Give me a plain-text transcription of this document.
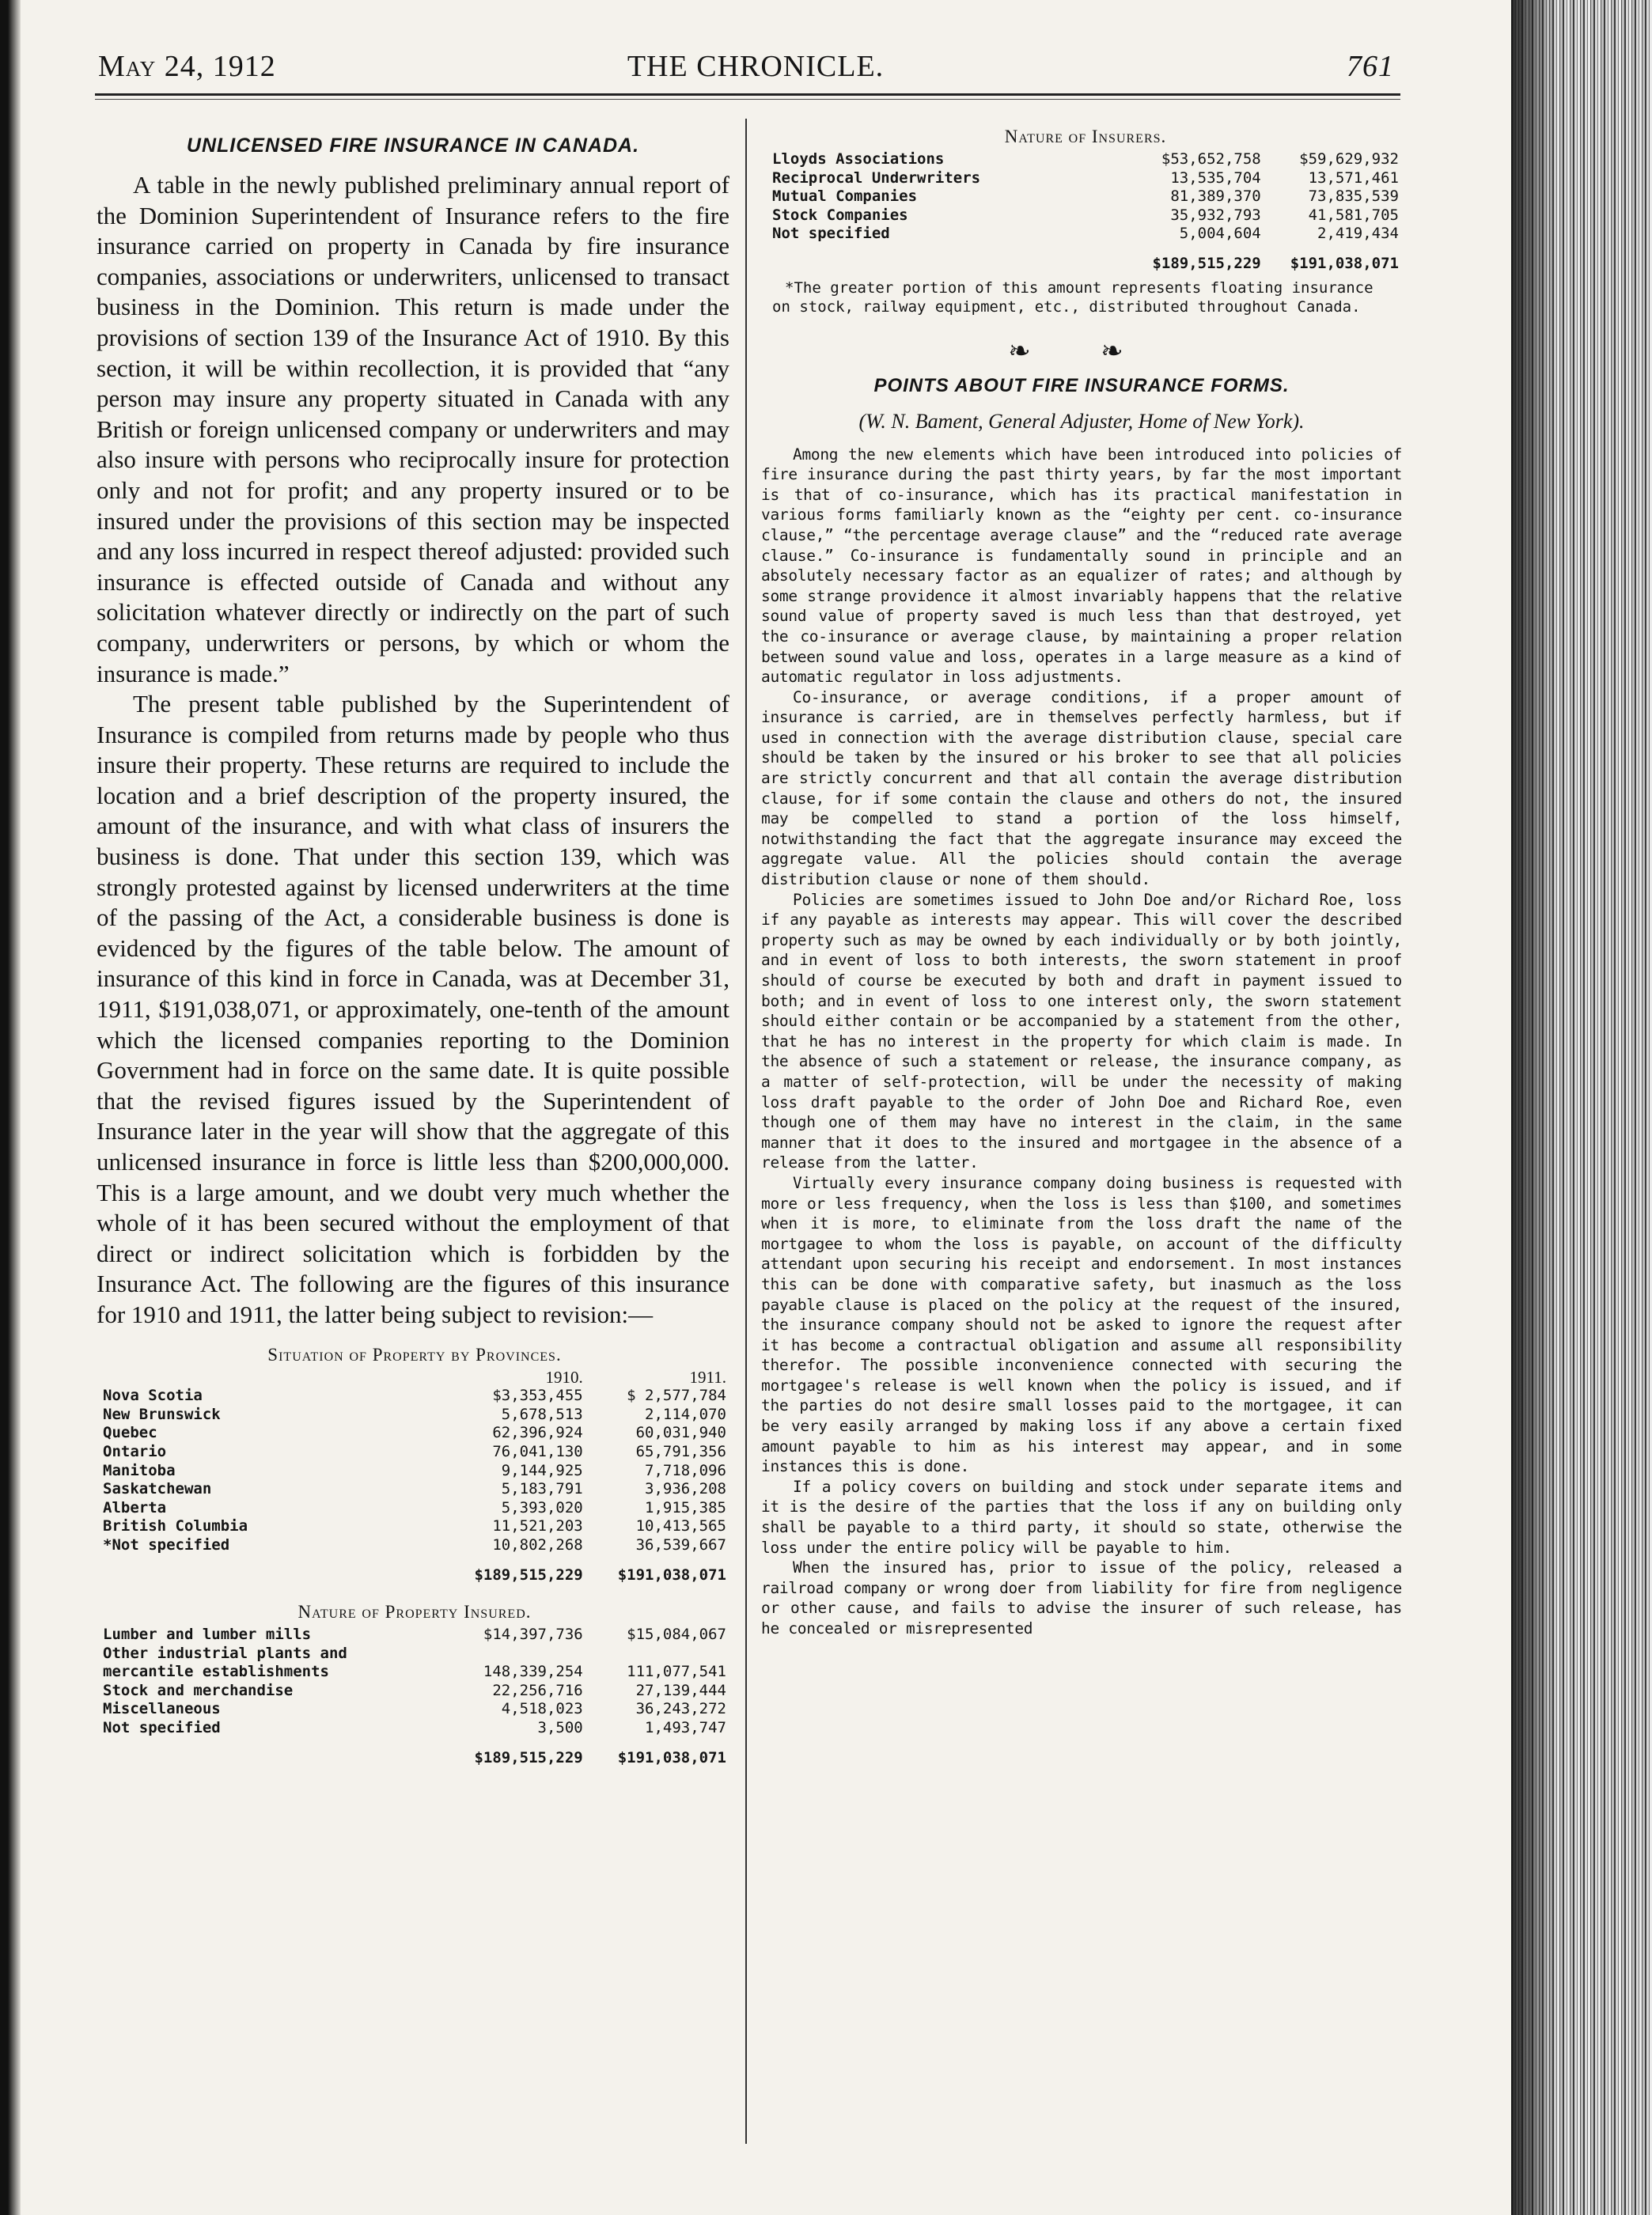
THE CHRONICLE.
May 24, 1912	761
UNLICENSED FIRE INSURANCE IN CANADA.

A table in the newly published preliminary annual report of the Dominion Superintendent of Insurance refers to the fire insurance carried on property in Canada by fire insurance companies, associations or underwriters, unlicensed to transact business in the Dominion. This return is made under the provisions of section 139 of the Insurance Act of 1910. By this section, it will be within recollection, it is provided that “any person may insure any property situated in Canada with any British or foreign unlicensed company or underwriters and may also insure with persons who reciprocally insure for protection only and not for profit; and any property insured or to be insured under the provisions of this section may be inspected and any loss incurred in respect thereof adjusted: provided such insurance is effected outside of Canada and without any solicitation whatever directly or indirectly on the part of such company, underwriters or persons, by which or whom the insurance is made.”

The present table published by the Superintendent of Insurance is compiled from returns made by people who thus insure their property. These returns are required to include the location and a brief description of the property insured, the amount of the insurance, and with what class of insurers the business is done. That under this section 139, which was strongly protested against by licensed underwriters at the time of the passing of the Act, a considerable business is done is evidenced by the figures of the table below. The amount of insurance of this kind in force in Canada, was at December 31, 1911, $191,038,071, or approximately, one-tenth of the amount which the licensed companies reporting to the Dominion Government had in force on the same date. It is quite possible that the revised figures issued by the Superintendent of Insurance later in the year will show that the aggregate of this unlicensed insurance in force is little less than $200,000,000. This is a large amount, and we doubt very much whether the whole of it has been secured without the employment of that direct or indirect solicitation which is forbidden by the Insurance Act. The following are the figures of this insurance for 1910 and 1911, the latter being subject to revision:—

Situation of Property by Provinces.
	1910.	1911.
Nova Scotia	$3,353,455	$ 2,577,784
New Brunswick	5,678,513	2,114,070
Quebec	62,396,924	60,031,940
Ontario	76,041,130	65,791,356
Manitoba	9,144,925	7,718,096
Saskatchewan	5,183,791	3,936,208
Alberta	5,393,020	1,915,385
British Columbia	11,521,203	10,413,565
*Not specified	10,802,268	36,539,667
	$189,515,229	$191,038,071
Nature of Property Insured.
Lumber and lumber mills	$14,397,736	$15,084,067
Other industrial plants and mercantile establishments	148,339,254	111,077,541
Stock and merchandise	22,256,716	27,139,444
Miscellaneous	4,518,023	36,243,272
Not specified	3,500	1,493,747
	$189,515,229	$191,038,071
Nature of Insurers.
Lloyds Associations	$53,652,758	$59,629,932
Reciprocal Underwriters	13,535,704	13,571,461
Mutual Companies	81,389,370	73,835,539
Stock Companies	35,932,793	41,581,705
Not specified	5,004,604	2,419,434
	$189,515,229	$191,038,071

*The greater portion of this amount represents floating insurance on stock, railway equipment, etc., distributed throughout Canada.

❧ ❧
POINTS ABOUT FIRE INSURANCE FORMS.
(W. N. Bament, General Adjuster, Home of New York).

Among the new elements which have been introduced into policies of fire insurance during the past thirty years, by far the most important is that of co-insurance, which has its practical manifestation in various forms familiarly known as the “eighty per cent. co-insurance clause,” “the percentage average clause” and the “reduced rate average clause.” Co-insurance is fundamentally sound in principle and an absolutely necessary factor as an equalizer of rates; and although by some strange providence it almost invariably happens that the relative sound value of property saved is much less than that destroyed, yet the co-insurance or average clause, by maintaining a proper relation between sound value and loss, operates in a large measure as a kind of automatic regulator in loss adjustments.

Co-insurance, or average conditions, if a proper amount of insurance is carried, are in themselves perfectly harmless, but if used in connection with the average distribution clause, special care should be taken by the insured or his broker to see that all policies are strictly concurrent and that all contain the average distribution clause, for if some contain the clause and others do not, the insured may be compelled to stand a portion of the loss himself, notwithstanding the fact that the aggregate insurance may exceed the aggregate value. All the policies should contain the average distribution clause or none of them should.

Policies are sometimes issued to John Doe and/or Richard Roe, loss if any payable as interests may appear. This will cover the described property such as may be owned by each individually or by both jointly, and in event of loss to both interests, the sworn statement in proof should of course be executed by both and draft in payment issued to both; and in event of loss to one interest only, the sworn statement should either contain or be accompanied by a statement from the other, that he has no interest in the property for which claim is made. In the absence of such a statement or release, the insurance company, as a matter of self-protection, will be under the necessity of making loss draft payable to the order of John Doe and Richard Roe, even though one of them may have no interest in the claim, in the same manner that it does to the insured and mortgagee in the absence of a release from the latter.

Virtually every insurance company doing business is requested with more or less frequency, when the loss is less than $100, and sometimes when it is more, to eliminate from the loss draft the name of the mortgagee to whom the loss is payable, on account of the difficulty attendant upon securing his receipt and endorsement. In most instances this can be done with comparative safety, but inasmuch as the loss payable clause is placed on the policy at the request of the insured, the insurance company should not be asked to ignore the request after it has become a contractual obligation and assume all responsibility therefor. The possible inconvenience connected with securing the mortgagee's release is well known when the policy is issued, and if the parties do not desire small losses paid to the mortgagee, it can be very easily arranged by making loss if any above a certain fixed amount payable to him as his interest may appear, and in some instances this is done.

If a policy covers on building and stock under separate items and it is the desire of the parties that the loss if any on building only shall be payable to a third party, it should so state, otherwise the loss under the entire policy will be payable to him.

When the insured has, prior to issue of the policy, released a railroad company or wrong doer from liability for fire from negligence or other cause, and fails to advise the insurer of such release, has he concealed or misrepresented
